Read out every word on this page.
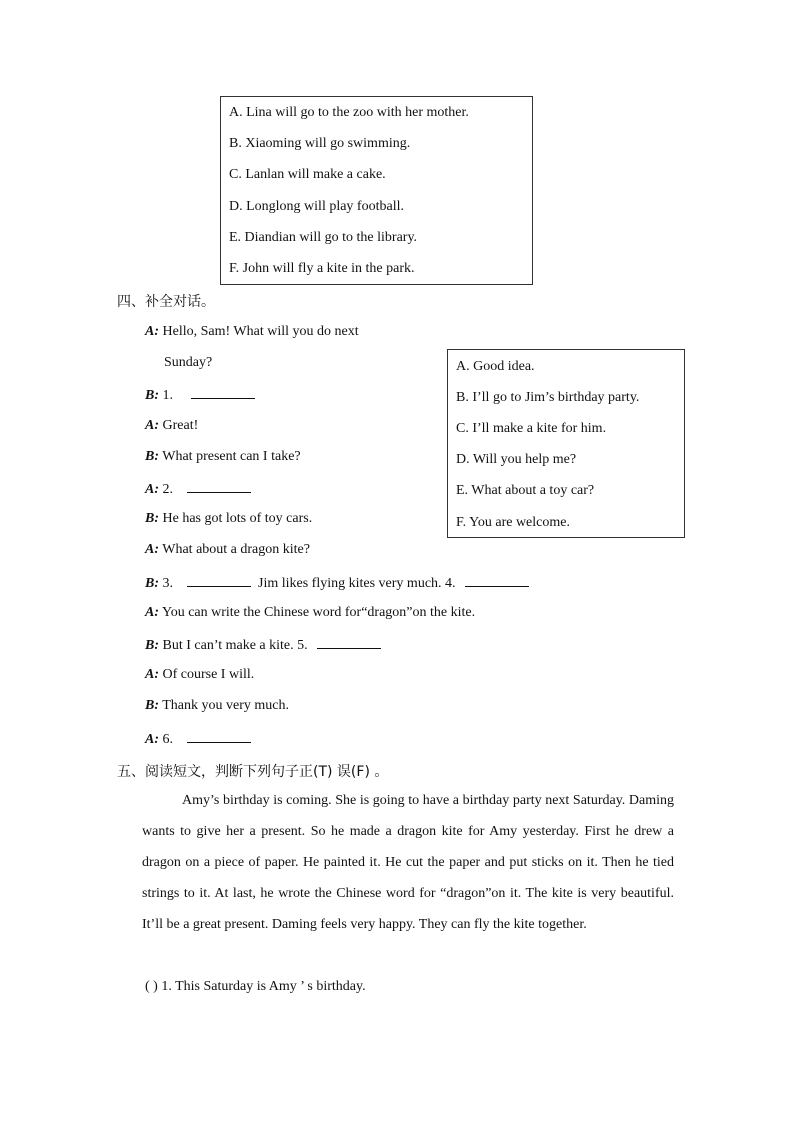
A. Lina will go to the zoo with her mother.
B. Xiaoming will go swimming.
C. Lanlan will make a cake.
D. Longlong will play football.
E. Diandian will go to the library.
F. John will fly a kite in the park.
四、补全对话。
A: Hello, Sam! What will you do next
Sunday?
B: 1.
A: Great!
B: What present can I take?
A: 2.
B: He has got lots of toy cars.
A: What about a dragon kite?
B: 3.	Jim likes flying kites very much. 4.
A: You can write the Chinese word for“dragon”on the kite.
B: But I can’t make a kite. 5.
A: Of course I will.
B: Thank you very much.
A: 6.
A. Good idea.
B. I’ll go to Jim’s birthday party.
C. I’ll make a kite for him.
D. Will you help me?
E. What about a toy car?
F. You are welcome.
五、阅读短文，判断下列句子正(T) 误(F) 。
Amy’s birthday is coming. She is going to have a birthday party next Saturday. Daming wants to give her a present. So he made a dragon kite for Amy yesterday. First he drew a dragon on a piece of paper. He painted it. He cut the paper and put sticks on it. Then he tied strings to it. At last, he wrote the Chinese word for “dragon”on it. The kite is very beautiful. It’ll be a great present. Daming feels very happy. They can fly the kite together.
( ) 1. This Saturday is Amy ’ s birthday.
